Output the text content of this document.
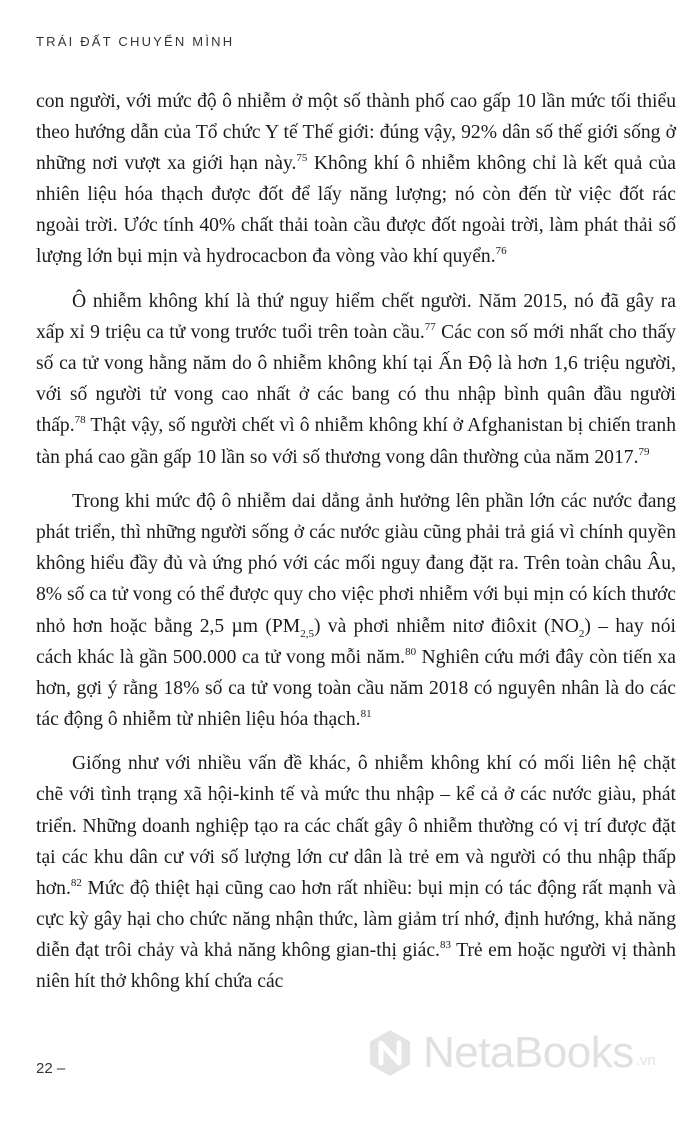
TRÁI ĐẤT CHUYỂN MÌNH

con người, với mức độ ô nhiễm ở một số thành phố cao gấp 10 lần mức tối thiểu theo hướng dẫn của Tổ chức Y tế Thế giới: đúng vậy, 92% dân số thế giới sống ở những nơi vượt xa giới hạn này.$^{75}$ Không khí ô nhiễm không chỉ là kết quả của nhiên liệu hóa thạch được đốt để lấy năng lượng; nó còn đến từ việc đốt rác ngoài trời. Ước tính 40% chất thải toàn cầu được đốt ngoài trời, làm phát thải số lượng lớn bụi mịn và hydrocacbon đa vòng vào khí quyển.$^{76}$

Ô nhiễm không khí là thứ nguy hiểm chết người. Năm 2015, nó đã gây ra xấp xỉ 9 triệu ca tử vong trước tuổi trên toàn cầu.$^{77}$ Các con số mới nhất cho thấy số ca tử vong hằng năm do ô nhiễm không khí tại Ấn Độ là hơn 1,6 triệu người, với số người tử vong cao nhất ở các bang có thu nhập bình quân đầu người thấp.$^{78}$ Thật vậy, số người chết vì ô nhiễm không khí ở Afghanistan bị chiến tranh tàn phá cao gần gấp 10 lần so với số thương vong dân thường của năm 2017.79

Trong khi mức độ ô nhiễm dai dẳng ảnh hưởng lên phần lớn các nước đang phát triển, thì những người sống ở các nước giàu cũng phải trả giá vì chính quyền không hiểu đầy đủ và ứng phó với các mối nguy đang đặt ra. Trên toàn châu Âu, 8% số ca tử vong có thể được quy cho việc phơi nhiễm với bụi mịn có kích thước nhỏ hơn hoặc bằng 2,5 µm $(PM_{2,5})$ và phơi nhiễm nitơ điôxit $(NO_2)$ – hay nói cách khác là gần 500.000 ca tử vong mỗi năm.$^{80}$ Nghiên cứu mới đây còn tiến xa hơn, gợi ý rằng 18% số ca tử vong toàn cầu năm 2018 có nguyên nhân là do các tác động ô nhiễm từ nhiên liệu hóa thạch.$^{81}$

Giống như với nhiều vấn đề khác, ô nhiễm không khí có mối liên hệ chặt chẽ với tình trạng xã hội-kinh tế và mức thu nhập – kể cả ở các nước giàu, phát triển. Những doanh nghiệp tạo ra các chất gây ô nhiễm thường có vị trí được đặt tại các khu dân cư với số lượng lớn cư dân là trẻ em và người có thu nhập thấp hơn.$^{82}$ Mức độ thiệt hại cũng cao hơn rất nhiều: bụi mịn có tác động rất mạnh và cực kỳ gây hại cho chức năng nhận thức, làm giảm trí nhớ, định hướng, khả năng diễn đạt trôi chảy và khả năng không gian-thị giác.$^{83}$ Trẻ em hoặc người vị thành niên hít thở không khí chứa các

22 –	NetaBooks .vn
